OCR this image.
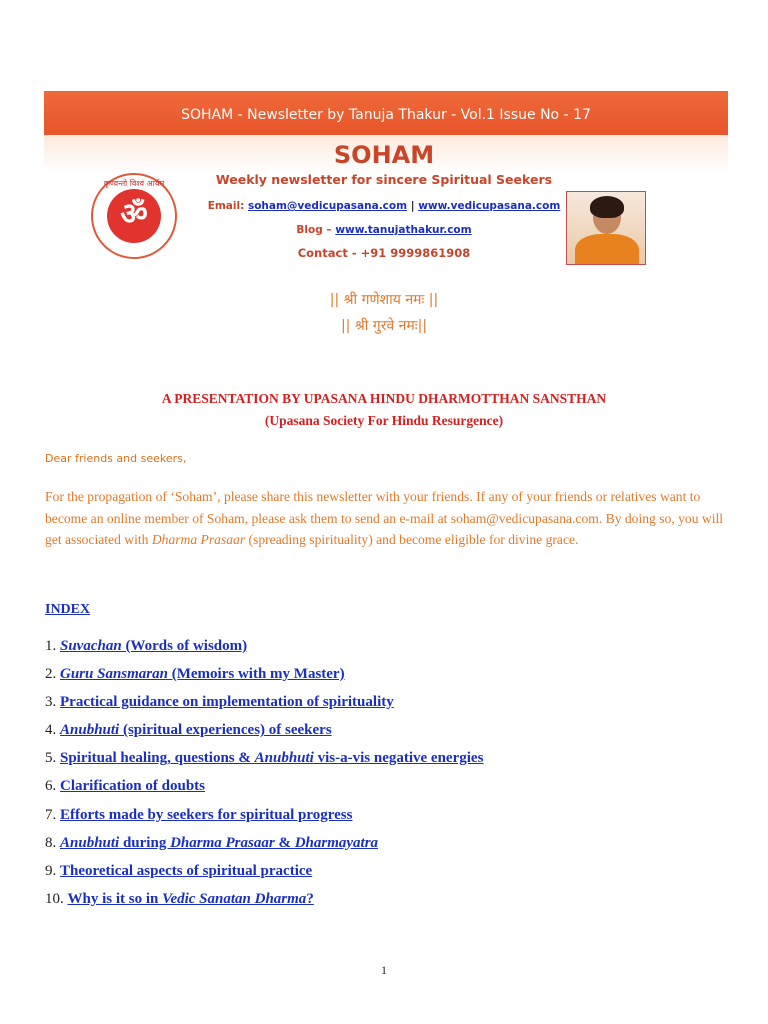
SOHAM - Newsletter by Tanuja Thakur - Vol.1 Issue No - 17
कृण्वन्तो विश्वं आर्यम्
ॐ
SOHAM
Weekly newsletter for sincere Spiritual Seekers
Email: soham@vedicupasana.com | www.vedicupasana.com
Blog – www.tanujathakur.com
Contact - +91 9999861908
|| श्री गणेशाय नमः ||
|| श्री गुरवे नमः||
A PRESENTATION BY UPASANA HINDU DHARMOTTHAN SANSTHAN
(Upasana Society For Hindu Resurgence)
Dear friends and seekers,
For the propagation of ‘Soham’, please share this newsletter with your friends. If any of your friends or relatives want to become an online member of Soham, please ask them to send an e-mail at soham@vedicupasana.com. By doing so, you will get associated with Dharma Prasaar (spreading spirituality) and become eligible for divine grace.
INDEX
1. Suvachan (Words of wisdom)
2. Guru Sansmaran (Memoirs with my Master)
3. Practical guidance on implementation of spirituality
4. Anubhuti (spiritual experiences) of seekers
5. Spiritual healing, questions & Anubhuti vis-a-vis negative energies
6. Clarification of doubts
7. Efforts made by seekers for spiritual progress
8. Anubhuti during Dharma Prasaar & Dharmayatra
9. Theoretical aspects of spiritual practice
10. Why is it so in Vedic Sanatan Dharma?
1
